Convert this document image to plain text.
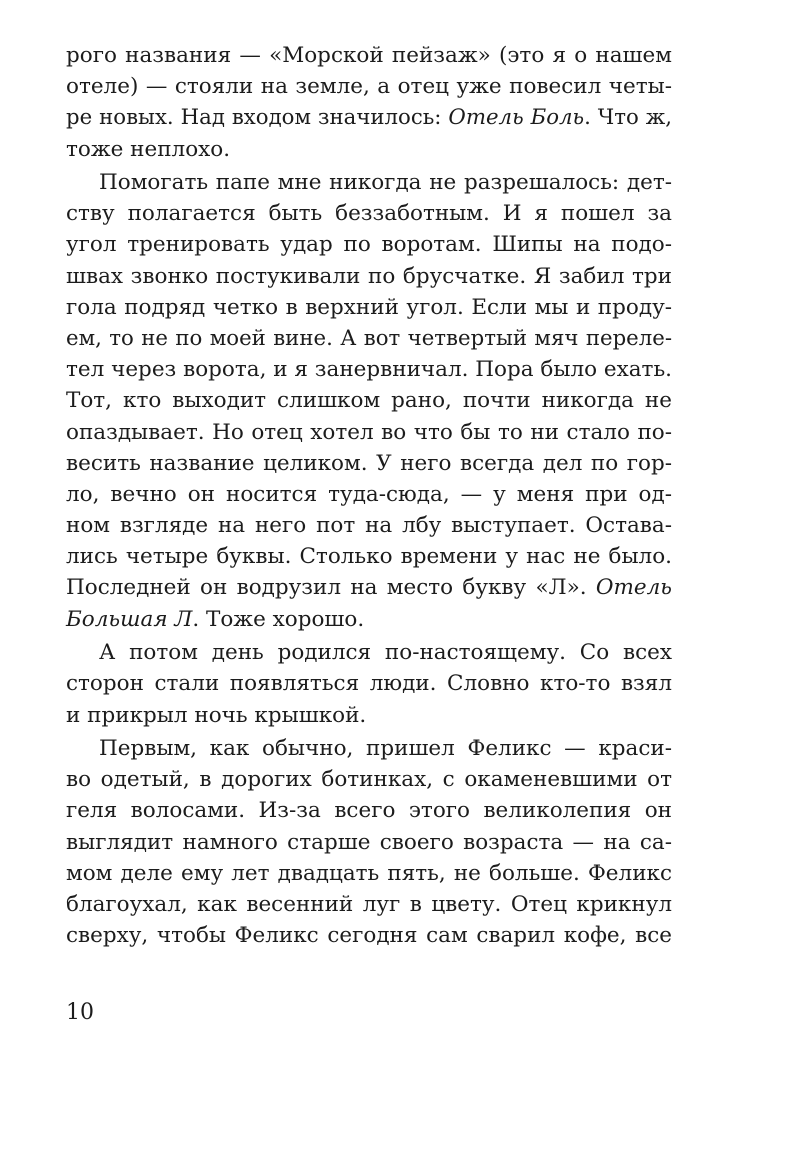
рого названия — «Морской пейзаж» (это я о нашем
отеле) — стояли на земле, а отец уже повесил четы-
ре новых. Над входом значилось: Отель Боль. Что ж,
тоже неплохо.
Помогать папе мне никогда не разрешалось: дет-
ству полагается быть беззаботным. И я пошел за
угол тренировать удар по воротам. Шипы на подо-
швах звонко постукивали по брусчатке. Я забил три
гола подряд четко в верхний угол. Если мы и проду-
ем, то не по моей вине. А вот четвертый мяч переле-
тел через ворота, и я занервничал. Пора было ехать.
Тот, кто выходит слишком рано, почти никогда не
опаздывает. Но отец хотел во что бы то ни стало по-
весить название целиком. У него всегда дел по гор-
ло, вечно он носится туда-сюда, — у меня при од-
ном взгляде на него пот на лбу выступает. Остава-
лись четыре буквы. Столько времени у нас не было.
Последней он водрузил на место букву «Л». Отель
Большая Л. Тоже хорошо.
А потом день родился по-настоящему. Со всех
сторон стали появляться люди. Словно кто-то взял
и прикрыл ночь крышкой.
Первым, как обычно, пришел Феликс — краси-
во одетый, в дорогих ботинках, с окаменевшими от
геля волосами. Из-за всего этого великолепия он
выглядит намного старше своего возраста — на са-
мом деле ему лет двадцать пять, не больше. Феликс
благоухал, как весенний луг в цвету. Отец крикнул
сверху, чтобы Феликс сегодня сам сварил кофе, все
10
